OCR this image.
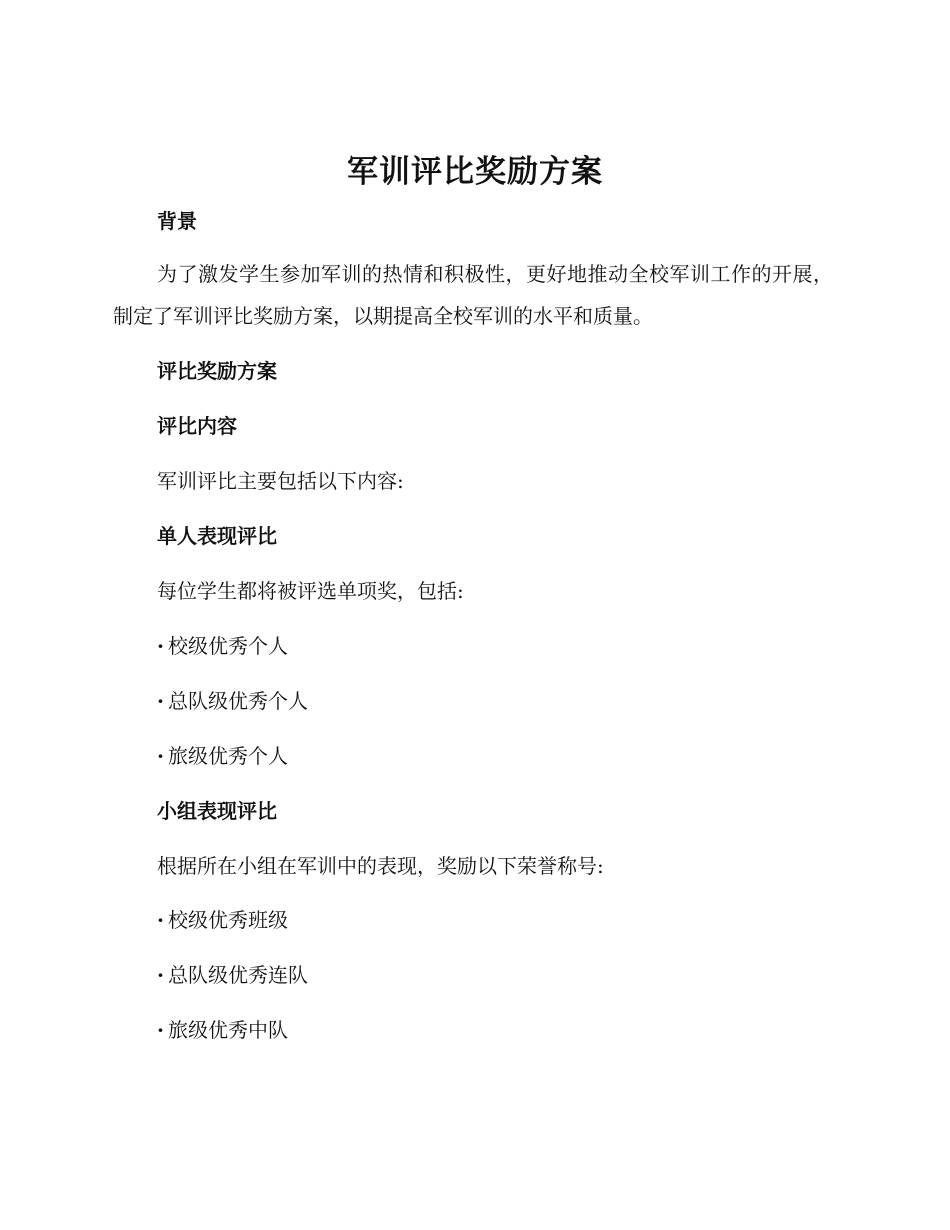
军训评比奖励方案
背景
为了激发学生参加军训的热情和积极性，更好地推动全校军训工作的开展，制定了军训评比奖励方案，以期提高全校军训的水平和质量。
评比奖励方案
评比内容
军训评比主要包括以下内容:
单人表现评比
每位学生都将被评选单项奖，包括:
· 校级优秀个人
· 总队级优秀个人
· 旅级优秀个人
小组表现评比
根据所在小组在军训中的表现，奖励以下荣誉称号:
· 校级优秀班级
· 总队级优秀连队
· 旅级优秀中队
